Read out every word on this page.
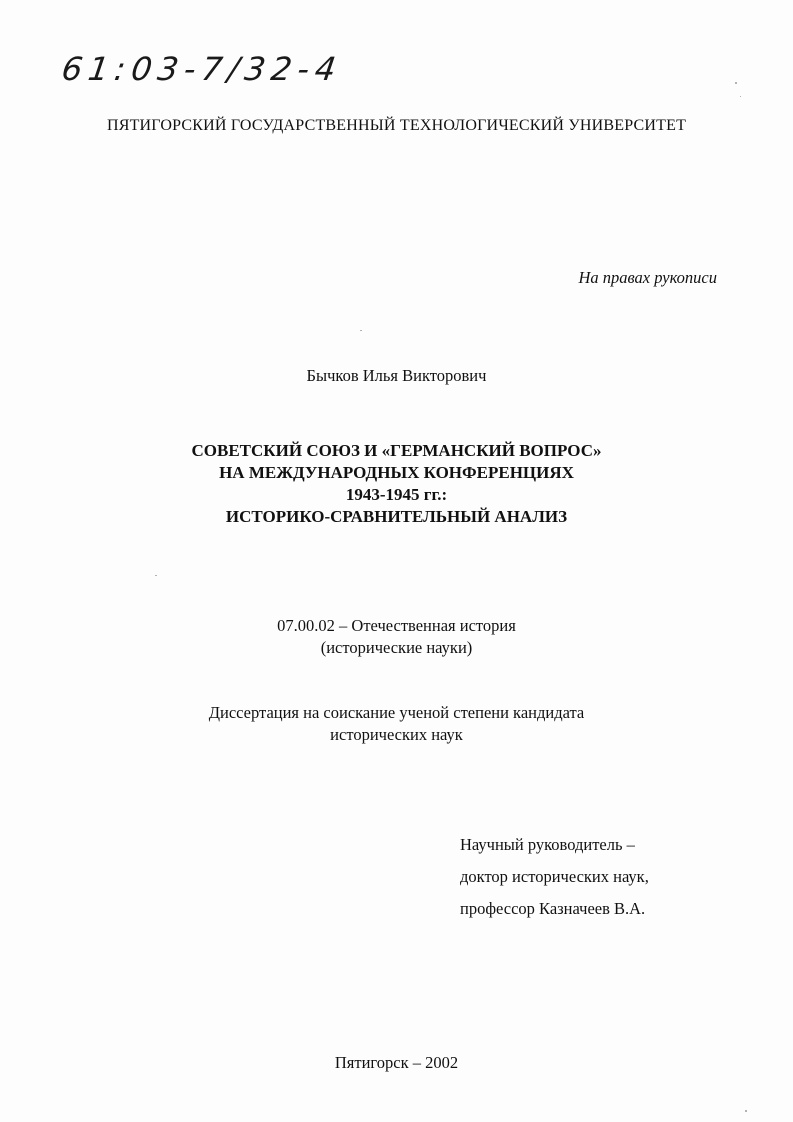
61:03-7/32-4
ПЯТИГОРСКИЙ ГОСУДАРСТВЕННЫЙ ТЕХНОЛОГИЧЕСКИЙ УНИВЕРСИТЕТ
На правах рукописи
Бычков Илья Викторович
СОВЕТСКИЙ СОЮЗ И «ГЕРМАНСКИЙ ВОПРОС»
НА МЕЖДУНАРОДНЫХ КОНФЕРЕНЦИЯХ
1943-1945 гг.:
ИСТОРИКО-СРАВНИТЕЛЬНЫЙ АНАЛИЗ
07.00.02 – Отечественная история
(исторические науки)
Диссертация на соискание ученой степени кандидата
исторических наук
Научный руководитель –
доктор исторических наук,
профессор Казначеев В.А.
Пятигорск – 2002
